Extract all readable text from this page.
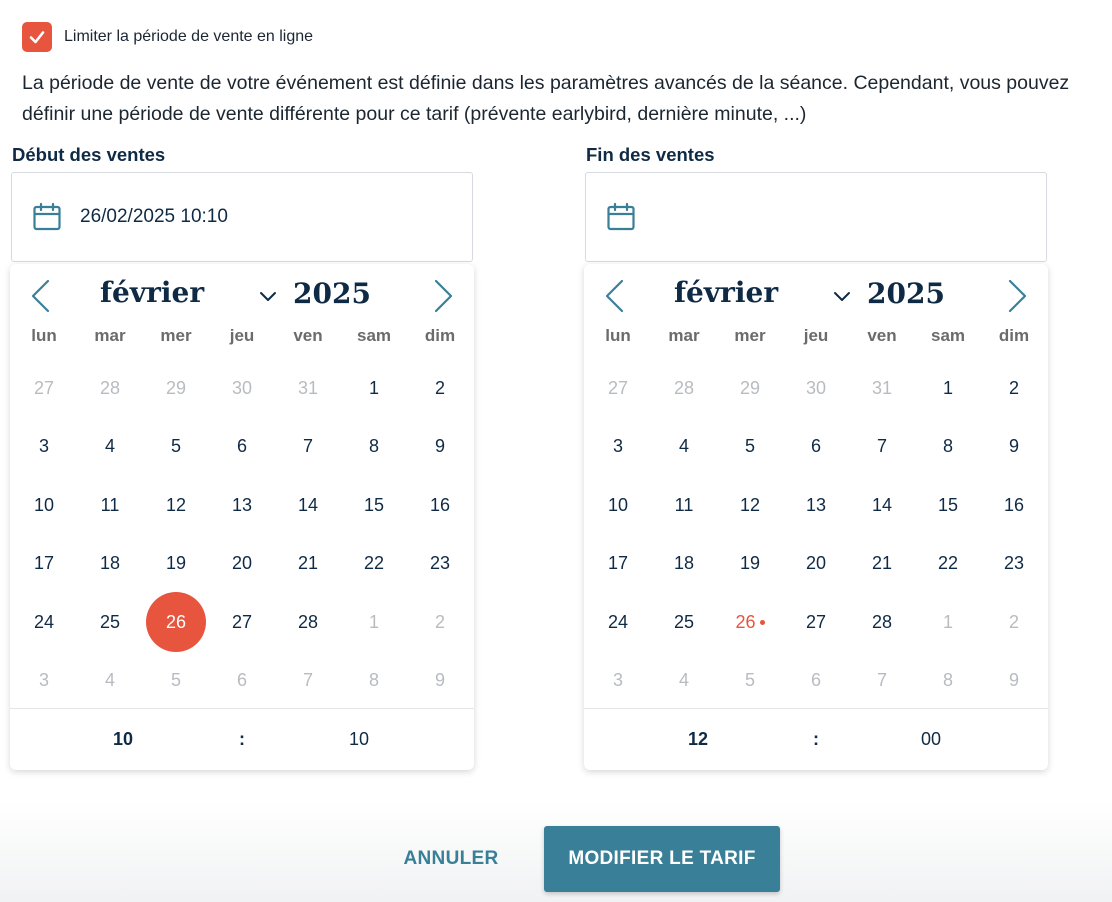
Limiter la période de vente en ligne

La période de vente de votre événement est définie dans les paramètres avancés de la séance. Cependant, vous pouvez définir une période de vente différente pour ce tarif (prévente earlybird, dernière minute, ...)

Début des ventes
26/02/2025 10:10
février	2025
lun	mar	mer	jeu	ven	sam	dim
27	28	29	30	31	1	2
3	4	5	6	7	8	9
10	11	12	13	14	15	16
17	18	19	20	21	22	23
24	25	26	27	28	1	2
3	4	5	6	7	8	9
10	:	10
Fin des ventes
février	2025
lun	mar	mer	jeu	ven	sam	dim
27	28	29	30	31	1	2
3	4	5	6	7	8	9
10	11	12	13	14	15	16
17	18	19	20	21	22	23
24	25	26	27	28	1	2
3	4	5	6	7	8	9
12	:	00
ANNULER	MODIFIER LE TARIF
